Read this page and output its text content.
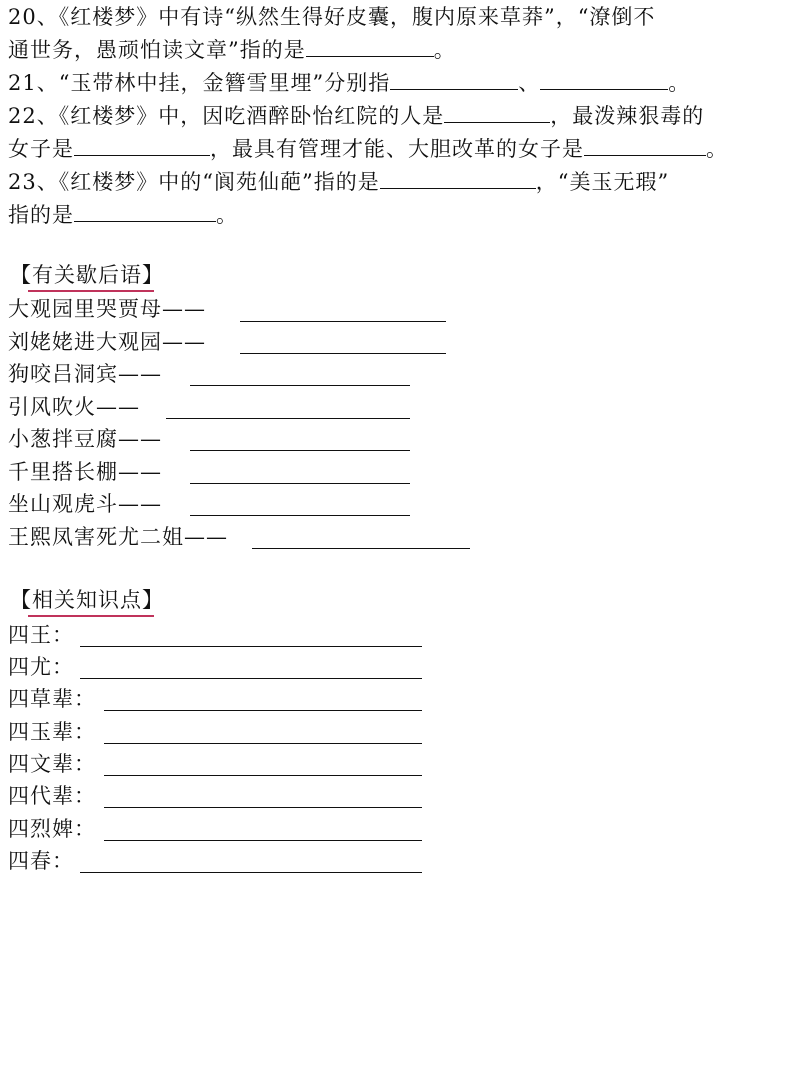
20、《红楼梦》中有诗“纵然生得好皮囊，腹内原来草莽”，“潦倒不
通世务，愚顽怕读文章”指的是	。
21、“玉带林中挂，金簪雪里埋”分别指	、	。
22、《红楼梦》中，因吃酒醉卧怡红院的人是	，最泼辣狠毒的
女子是	，最具有管理才能、大胆改革的女子是	。
23、《红楼梦》中的“阆苑仙葩”指的是	，“美玉无瑕”
指的是	。
【有关歇后语】
大观园里哭贾母——
刘姥姥进大观园——
狗咬吕洞宾——
引风吹火——
小葱拌豆腐——
千里搭长棚——
坐山观虎斗——
王熙凤害死尤二姐——
【相关知识点】
四王：
四尤：
四草辈：
四玉辈：
四文辈：
四代辈：
四烈婢：
四春：
